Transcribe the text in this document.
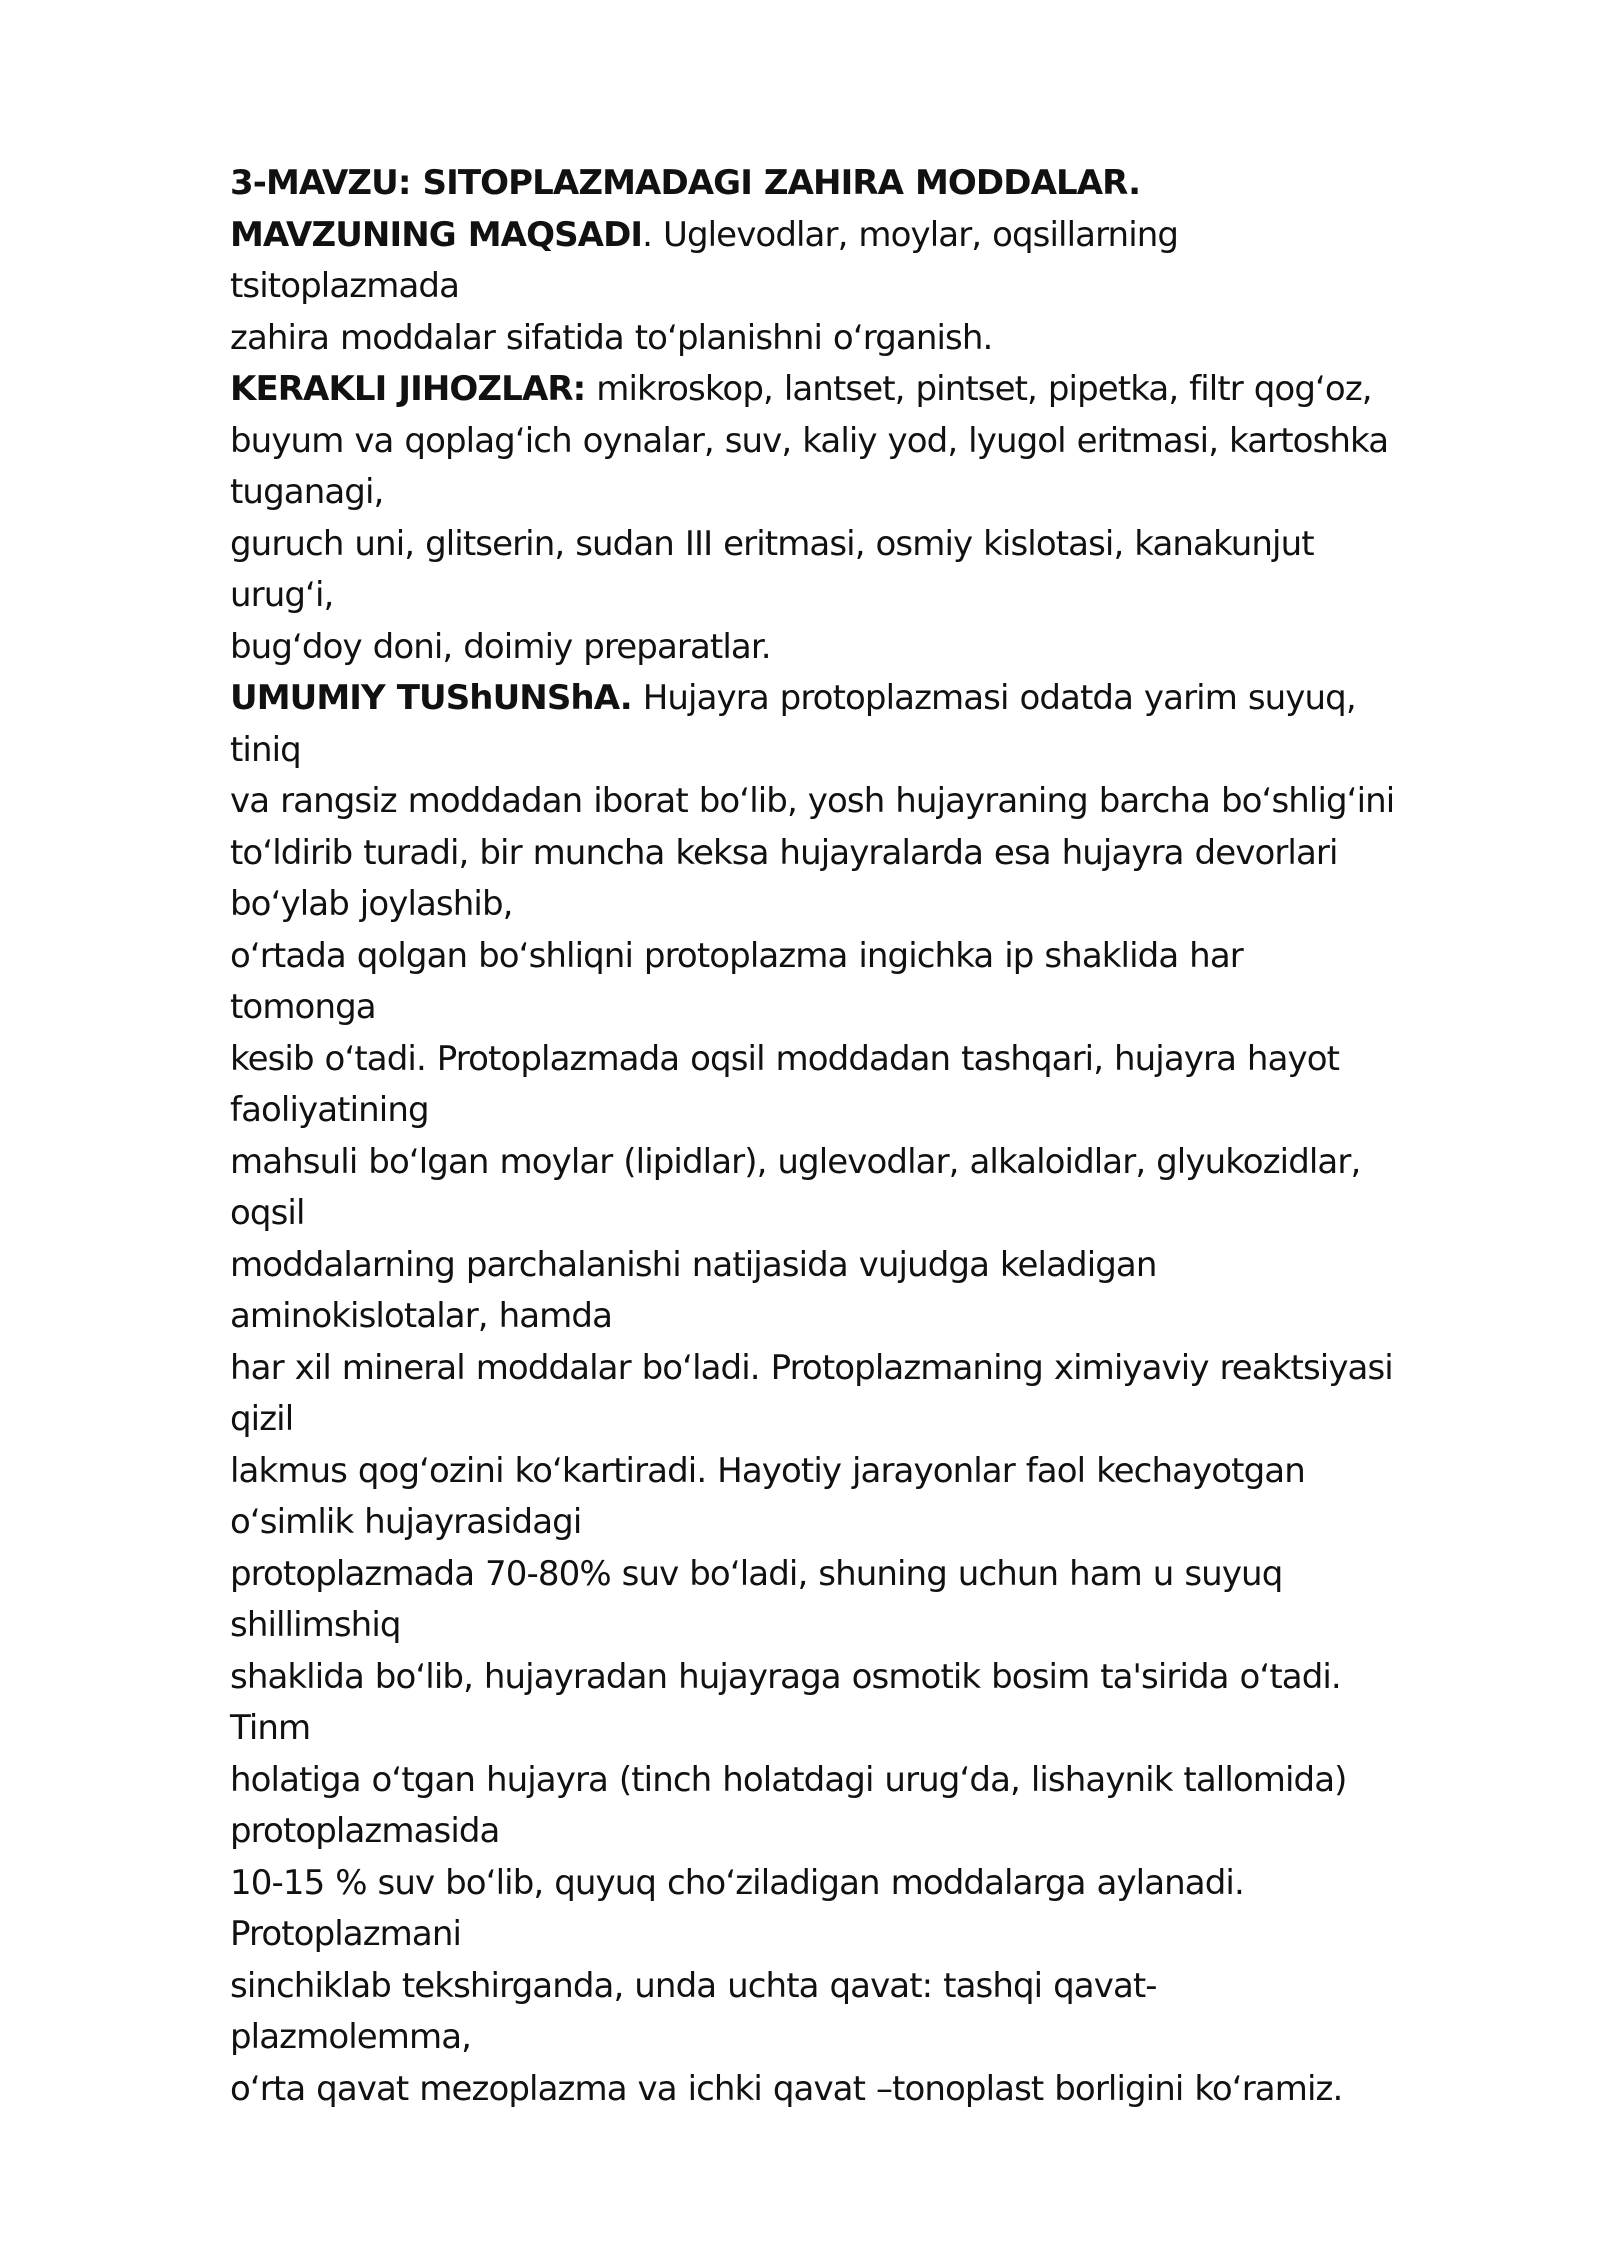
3-MAVZU: SITOPLAZMADAGI ZAHIRA MODDALAR.
MAVZUNING MAQSADI. Uglevodlar, moylar, oqsillarning
tsitoplazmada
zahira moddalar sifatida toʻplanishni oʻrganish.
KERAKLI JIHOZLAR: mikroskop, lantset, pintset, pipetka, filtr qogʻoz,
buyum va qoplagʻich oynalar, suv, kaliy yod, lyugol eritmasi, kartoshka
tuganagi,
guruch uni, glitserin, sudan III eritmasi, osmiy kislotasi, kanakunjut
urugʻi,
bugʻdoy doni, doimiy preparatlar.
UMUMIY TUShUNShA. Hujayra protoplazmasi odatda yarim suyuq,
tiniq
va rangsiz moddadan iborat boʻlib, yosh hujayraning barcha boʻshligʻini
toʻldirib turadi, bir muncha keksa hujayralarda esa hujayra devorlari
boʻylab joylashib,
oʻrtada qolgan boʻshliqni protoplazma ingichka ip shaklida har
tomonga
kesib oʻtadi. Protoplazmada oqsil moddadan tashqari, hujayra hayot
faoliyatining
mahsuli boʻlgan moylar (lipidlar), uglevodlar, alkaloidlar, glyukozidlar,
oqsil
moddalarning parchalanishi natijasida vujudga keladigan
aminokislotalar, hamda
har xil mineral moddalar boʻladi. Protoplazmaning ximiyaviy reaktsiyasi
qizil
lakmus qogʻozini koʻkartiradi. Hayotiy jarayonlar faol kechayotgan
oʻsimlik hujayrasidagi
protoplazmada 70-80% suv boʻladi, shuning uchun ham u suyuq
shillimshiq
shaklida boʻlib, hujayradan hujayraga osmotik bosim ta'sirida oʻtadi.
Tinm
holatiga oʻtgan hujayra (tinch holatdagi urugʻda, lishaynik tallomida)
protoplazmasida
10-15 % suv boʻlib, quyuq choʻziladigan moddalarga aylanadi.
Protoplazmani
sinchiklab tekshirganda, unda uchta qavat: tashqi qavat-
plazmolemma,
oʻrta qavat mezoplazma va ichki qavat –tonoplast borligini koʻramiz.
